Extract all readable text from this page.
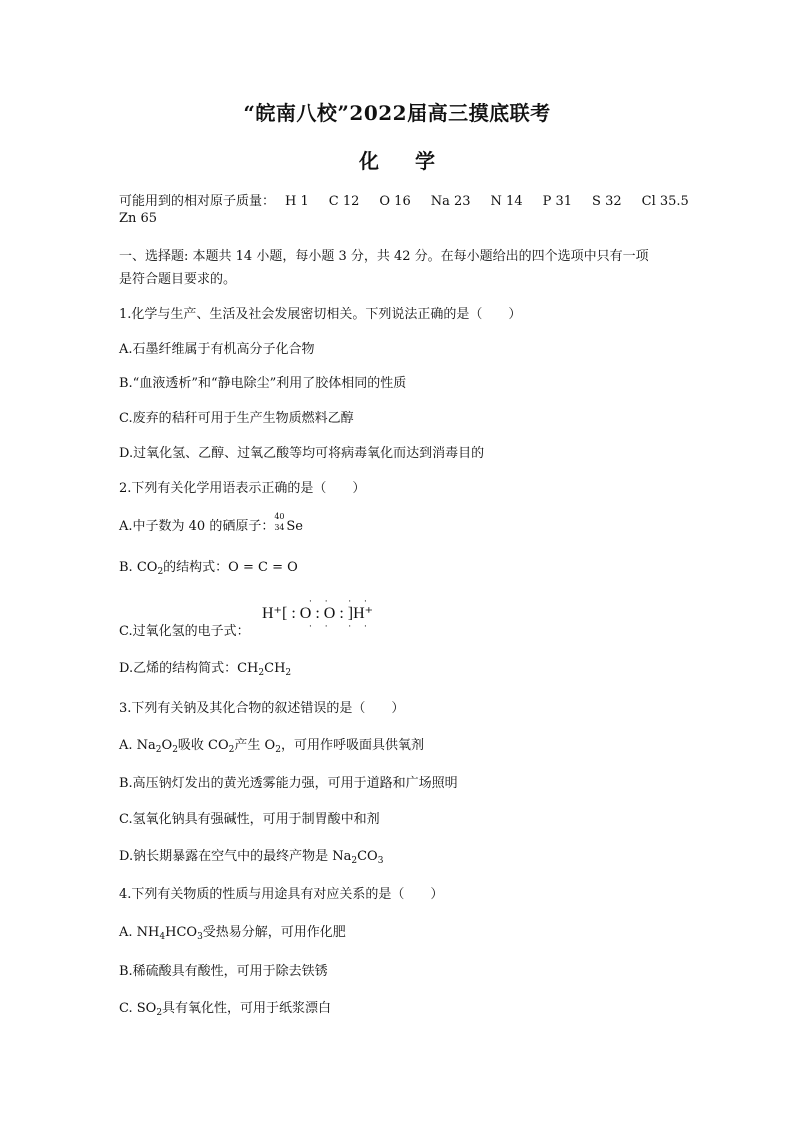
“皖南八校”2022届高三摸底联考
化 学
可能用到的相对原子质量： H 1 C 12 O 16 Na 23 N 14 P 31 S 32 Cl 35.5
Zn 65
一、选择题: 本题共 14 小题，每小题 3 分，共 42 分。在每小题给出的四个选项中只有一项
是符合题目要求的。
1.化学与生产、生活及社会发展密切相关。下列说法正确的是（　　）
A.石墨纤维属于有机高分子化合物
B.“血液透析”和“静电除尘”利用了胶体相同的性质
C.废弃的秸秆可用于生产生物质燃料乙醇
D.过氧化氢、乙醇、过氧乙酸等均可将病毒氧化而达到消毒目的
2.下列有关化学用语表示正确的是（　　）
A.中子数为 40 的硒原子：
40
34 Se
B. $CO_2$的结构式：O = C = O
C.过氧化氢的电子式：
H⁺[ : O : O : ]H⁺
· ·  · ·
· ·  · ·
D.乙烯的结构简式：$CH_2CH_2$
3.下列有关钠及其化合物的叙述错误的是（　　）
A. $Na_2O_2$吸收 $CO_2$产生 $O_2$，可用作呼吸面具供氧剂
B.高压钠灯发出的黄光透雾能力强，可用于道路和广场照明
C.氢氧化钠具有强碱性，可用于制胃酸中和剂
D.钠长期暴露在空气中的最终产物是 $Na_2CO_3$
4.下列有关物质的性质与用途具有对应关系的是（　　）
A. $NH_4HCO_3$受热易分解，可用作化肥
B.稀硫酸具有酸性，可用于除去铁锈
C. $SO_2$具有氧化性，可用于纸浆漂白
